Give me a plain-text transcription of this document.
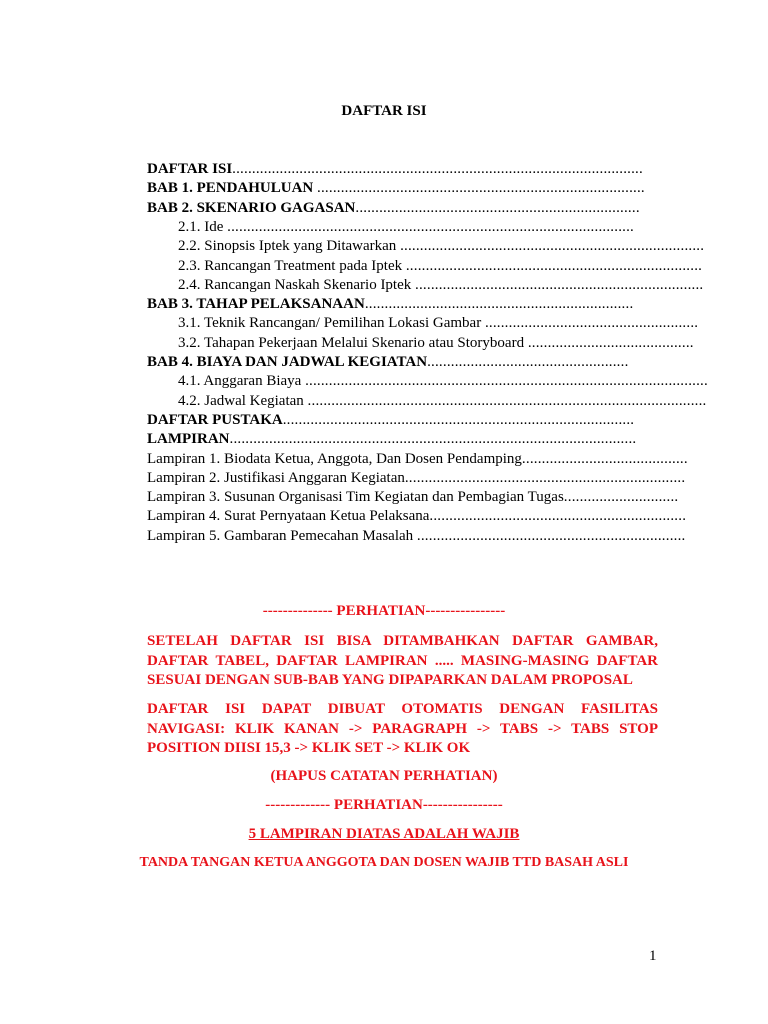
DAFTAR ISI
DAFTAR ISI........................................................................................................
BAB 1. PENDAHULUAN ...................................................................................
BAB 2. SKENARIO GAGASAN........................................................................
2.1. Ide .......................................................................................................
2.2. Sinopsis Iptek yang Ditawarkan .............................................................................
2.3. Rancangan Treatment pada Iptek ...........................................................................
2.4. Rancangan Naskah Skenario Iptek .........................................................................
BAB 3. TAHAP PELAKSANAAN....................................................................
3.1. Teknik Rancangan/ Pemilihan Lokasi Gambar ......................................................
3.2. Tahapan Pekerjaan Melalui Skenario atau Storyboard ..........................................
BAB 4. BIAYA DAN JADWAL KEGIATAN...................................................
4.1. Anggaran Biaya ......................................................................................................
4.2. Jadwal Kegiatan .....................................................................................................
DAFTAR PUSTAKA.........................................................................................
LAMPIRAN.......................................................................................................
Lampiran 1. Biodata Ketua, Anggota, Dan Dosen Pendamping..........................................
Lampiran 2. Justifikasi Anggaran Kegiatan.......................................................................
Lampiran 3. Susunan Organisasi Tim Kegiatan dan Pembagian Tugas.............................
Lampiran 4. Surat Pernyataan Ketua Pelaksana.................................................................
Lampiran 5. Gambaran Pemecahan Masalah ....................................................................
-------------- PERHATIAN----------------
SETELAH DAFTAR ISI BISA DITAMBAHKAN DAFTAR GAMBAR, DAFTAR TABEL, DAFTAR LAMPIRAN ..... MASING-MASING DAFTAR SESUAI DENGAN SUB-BAB YANG DIPAPARKAN DALAM PROPOSAL
DAFTAR ISI DAPAT DIBUAT OTOMATIS DENGAN FASILITAS NAVIGASI: KLIK KANAN -> PARAGRAPH -> TABS -> TABS STOP POSITION DIISI 15,3 -> KLIK SET -> KLIK OK
(HAPUS CATATAN PERHATIAN)
------------- PERHATIAN----------------
5 LAMPIRAN DIATAS ADALAH WAJIB
TANDA TANGAN KETUA ANGGOTA DAN DOSEN WAJIB TTD BASAH ASLI
1
